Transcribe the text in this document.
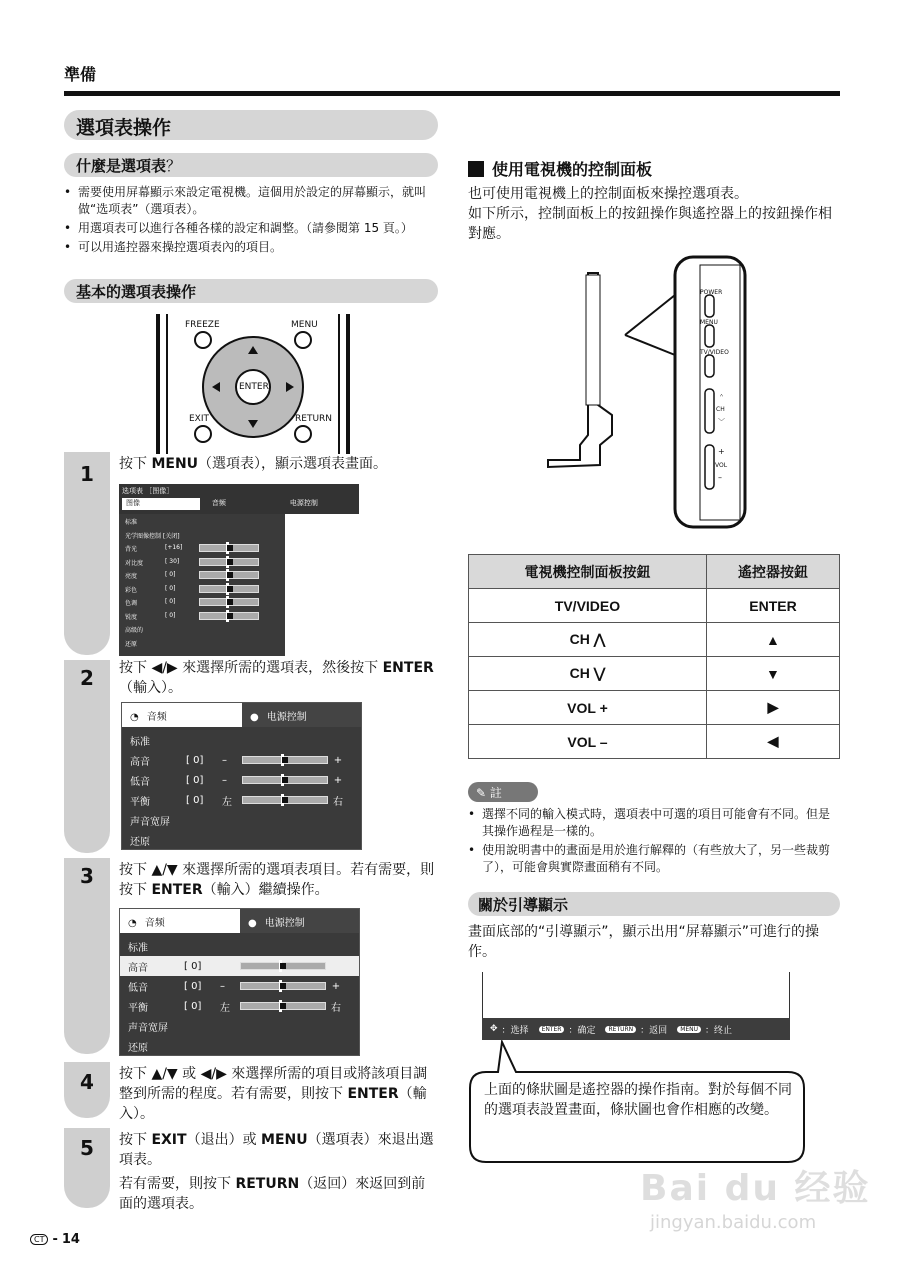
準備
選項表操作
什麼是選項表？
• 需要使用屏幕顯示來設定電視機。這個用於設定的屏幕顯示，就叫做“选项表”（選項表）。
• 用選項表可以進行各種各樣的設定和調整。（請參閱第 15 頁。）
• 可以用遙控器來操控選項表內的項目。
基本的選項表操作
FREEZE	MENU
ENTER
EXIT	RETURN
1
2
3
4
5
按下 MENU（選項表），顯示選項表畫面。
按下 ◀/▶ 來選擇所需的選項表，然後按下 ENTER（輸入）。
按下 ▲/▼ 來選擇所需的選項表項目。若有需要，則按下 ENTER（輸入）繼續操作。
按下 ▲/▼ 或 ◀/▶ 來選擇所需的項目或將該項目調整到所需的程度。若有需要，則按下 ENTER（輸入）。
按下 EXIT（退出）或 MENU（選項表）來退出選項表。
若有需要，則按下 RETURN（返回）來返回到前面的選項表。
选项表 ［图像］
图像	音频	电源控制
标准
光学图像控制 [关闭]
背光	[+16]
对比度	[ 30]
亮度	[ 0]
彩色	[ 0]
色调	[ 0]
锐度	[ 0]
高级的
还原
◔ 音频	● 电源控制
标准
高音	[ 0]	–	+
低音	[ 0]	–	+
平衡	[ 0]	左	右
声音宽屏
还原
◔ 音频	● 电源控制
标准
高音	[ 0]
低音	[ 0]	–	+
平衡	[ 0]	左	右
声音宽屏
还原
使用電視機的控制面板
也可使用電視機上的控制面板來操控選項表。
如下所示，控制面板上的按鈕操作與遙控器上的按鈕操作相對應。
POWER
MENU
TV/VIDEO
＾
CH
﹀
+
VOL
–
電視機控制面板按鈕	遙控器按鈕
TV/VIDEO	ENTER
CH ⋀	▲
CH ⋁	▼
VOL +	▶
VOL –	◀
✎ 註
• 選擇不同的輸入模式時，選項表中可選的項目可能會有不同。但是其操作過程是一樣的。
• 使用說明書中的畫面是用於進行解釋的（有些放大了，另一些裁剪了），可能會與實際畫面稍有不同。
關於引導顯示
畫面底部的“引導顯示”，顯示出用“屏幕顯示”可進行的操作。
✥ ：选择	ENTER ：确定	RETURN ：返回	MENU ：终止
上面的條狀圖是遙控器的操作指南。對於每個不同的選項表設置畫面，條狀圖也會作相應的改變。
CT - 14
Bai du 经验
jingyan.baidu.com
